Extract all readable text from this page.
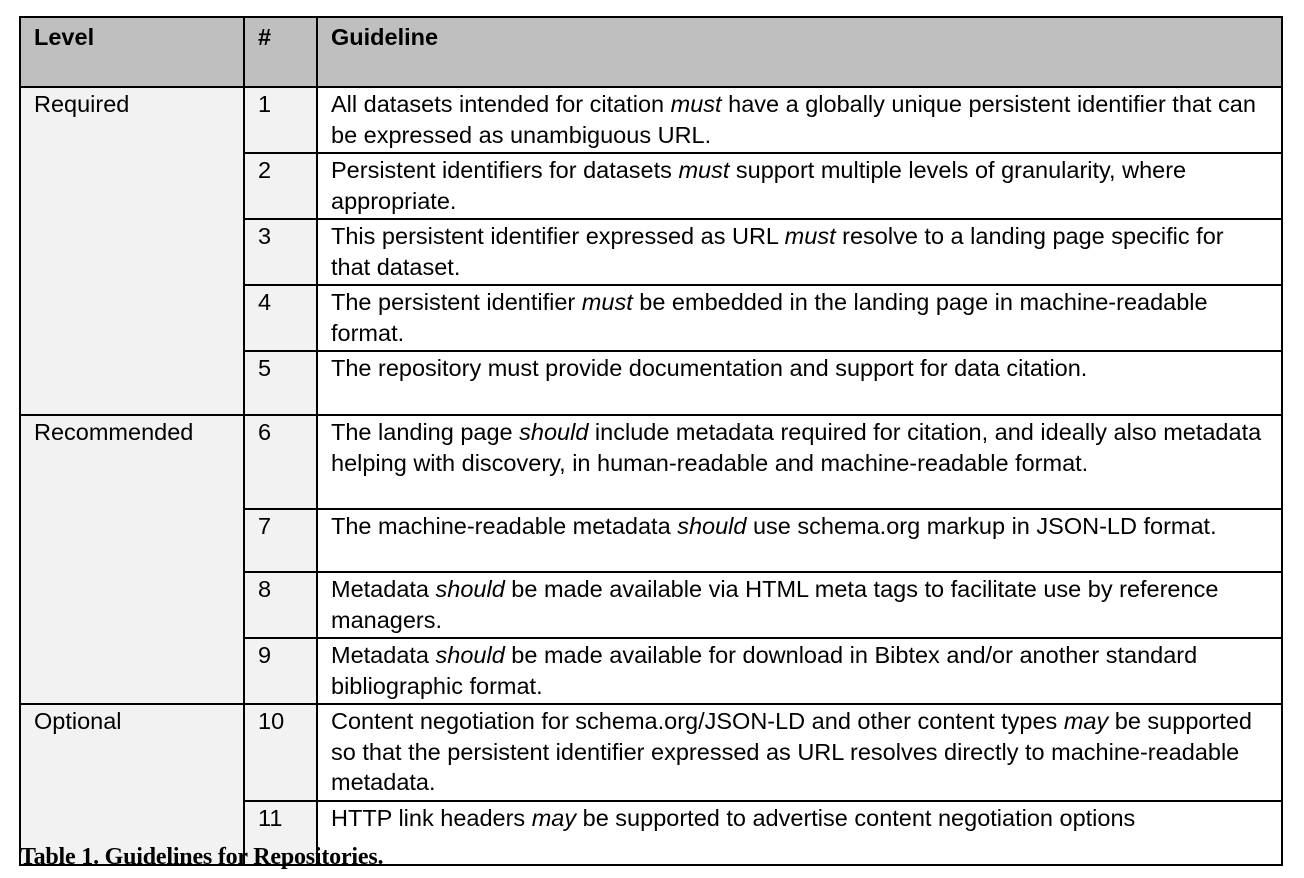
Level	#	Guideline
Required	1	All datasets intended for citation must have a globally unique persistent identifier that can be expressed as unambiguous URL.
	2	Persistent identifiers for datasets must support multiple levels of granularity, where appropriate.
	3	This persistent identifier expressed as URL must resolve to a landing page specific for that dataset.
	4	The persistent identifier must be embedded in the landing page in machine-readable format.
	5	The repository must provide documentation and support for data citation.
Recommended	6	The landing page should include metadata required for citation, and ideally also metadata helping with discovery, in human-readable and machine-readable format.
	7	The machine-readable metadata should use schema.org markup in JSON-LD format.
	8	Metadata should be made available via HTML meta tags to facilitate use by reference managers.
	9	Metadata should be made available for download in Bibtex and/or another standard bibliographic format.
Optional	10	Content negotiation for schema.org/JSON-LD and other content types may be supported so that the persistent identifier expressed as URL resolves directly to machine-readable metadata.
	11	HTTP link headers may be supported to advertise content negotiation options
Table 1. Guidelines for Repositories.
